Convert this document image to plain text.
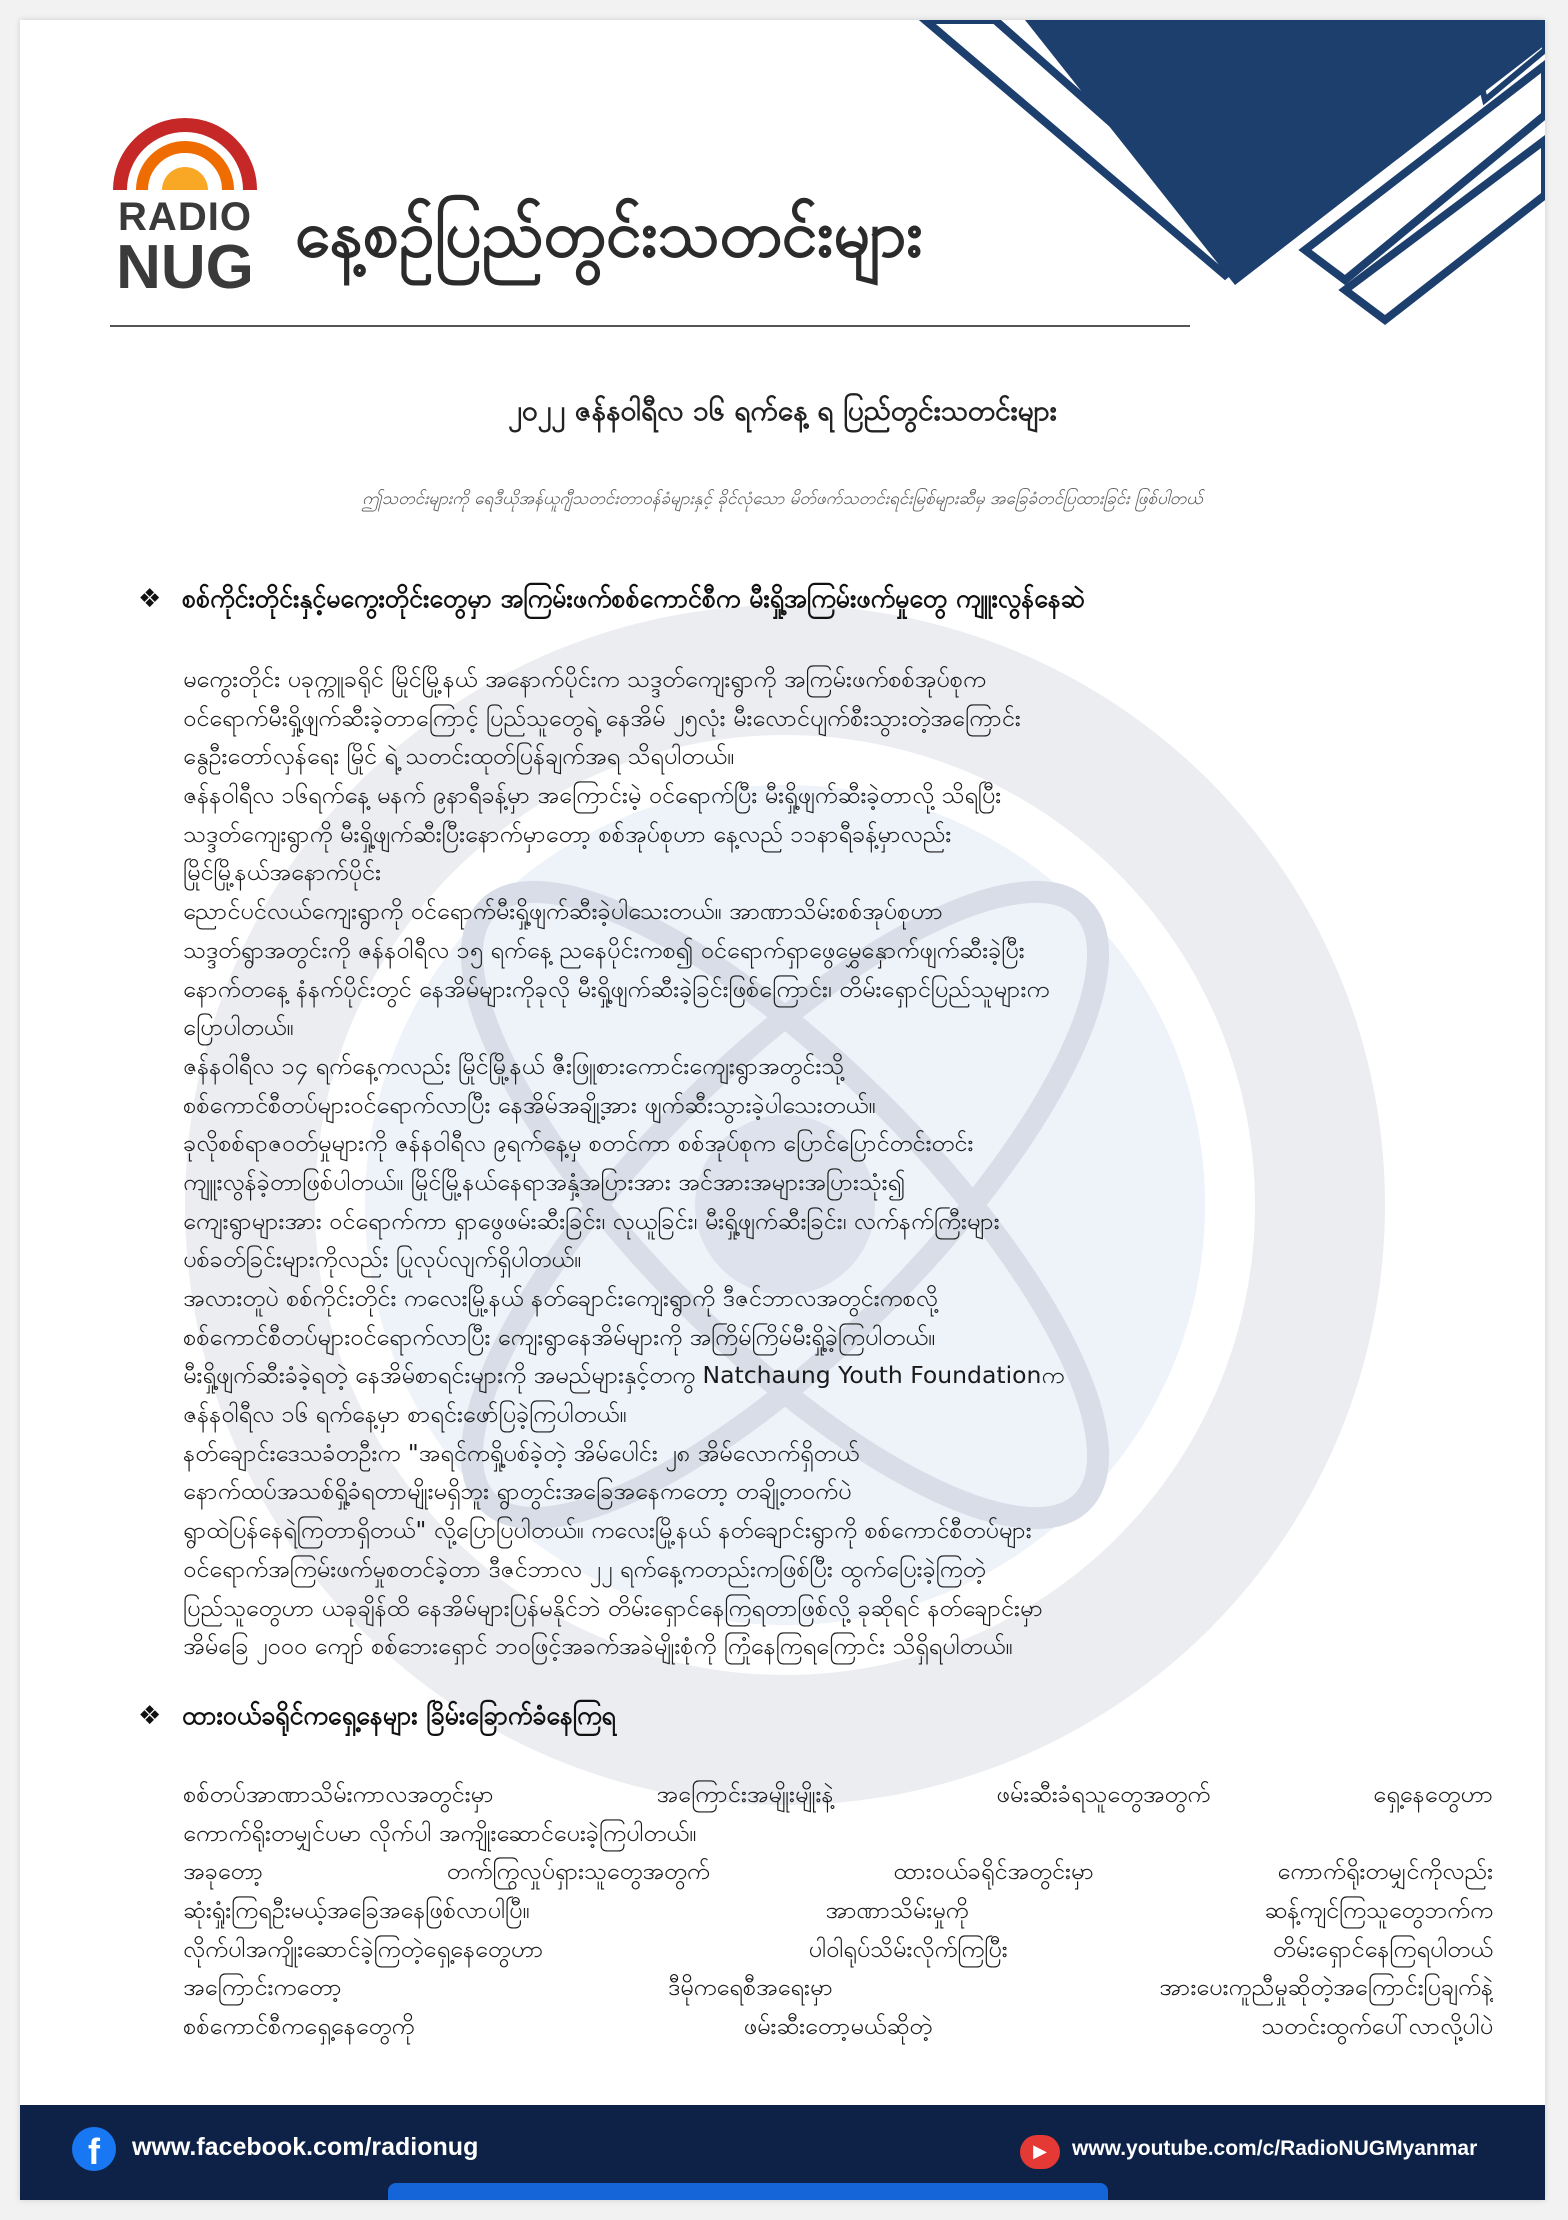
RADIO
NUG နေ့စဉ်ပြည်တွင်းသတင်းများ
၂၀၂၂ ဇန်နဝါရီလ ၁၆ ရက်နေ့ ရ ပြည်တွင်းသတင်းများ
ဤသတင်းများကို ရေဒီယိုအန်ယူဂျီသတင်းတာဝန်ခံများနှင့် ခိုင်လုံသော မိတ်ဖက်သတင်းရင်းမြစ်များဆီမှ အခြေခံတင်ပြထားခြင်း ဖြစ်ပါတယ်
❖ စစ်ကိုင်းတိုင်းနှင့်မကွေးတိုင်းတွေမှာ အကြမ်းဖက်စစ်ကောင်စီက မီးရှို့အကြမ်းဖက်မှုတွေ ကျူးလွန်နေဆဲ
မကွေးတိုင်း ပခုက္ကူခရိုင် မြိုင်မြို့နယ် အနောက်ပိုင်းက သဒ္ဒတ်ကျေးရွာကို အကြမ်းဖက်စစ်အုပ်စုက
ဝင်ရောက်မီးရှို့ဖျက်ဆီးခဲ့တာကြောင့် ပြည်သူတွေရဲ့ နေအိမ် ၂၅လုံး မီးလောင်ပျက်စီးသွားတဲ့အကြောင်း
နွေဦးတော်လှန်ရေး မြိုင် ရဲ့ သတင်းထုတ်ပြန်ချက်အရ သိရပါတယ်။
ဇန်နဝါရီလ ၁၆ရက်နေ့ မနက် ၉နာရီခန့်မှာ အကြောင်းမဲ့ ဝင်ရောက်ပြီး မီးရှို့ဖျက်ဆီးခဲ့တာလို့ သိရပြီး
သဒ္ဒတ်ကျေးရွာကို မီးရှို့ဖျက်ဆီးပြီးနောက်မှာတော့ စစ်အုပ်စုဟာ နေ့လည် ၁၁နာရီခန့်မှာလည်း
မြိုင်မြို့နယ်အနောက်ပိုင်း
ညောင်ပင်လယ်ကျေးရွာကို ဝင်ရောက်မီးရှို့ဖျက်ဆီးခဲ့ပါသေးတယ်။ အာဏာသိမ်းစစ်အုပ်စုဟာ
သဒ္ဒတ်ရွာအတွင်းကို ဇန်နဝါရီလ ၁၅ ရက်နေ့ ညနေပိုင်းကစ၍ ဝင်ရောက်ရှာဖွေမွှေနှောက်ဖျက်ဆီးခဲ့ပြီး
နောက်တနေ့ နံနက်ပိုင်းတွင် နေအိမ်များကိုခုလို မီးရှို့ဖျက်ဆီးခဲ့ခြင်းဖြစ်ကြောင်း၊ တိမ်းရှောင်ပြည်သူများက
ပြောပါတယ်။
ဇန်နဝါရီလ ၁၄ ရက်နေ့ကလည်း မြိုင်မြို့နယ် ဇီးဖြူစားကောင်းကျေးရွာအတွင်းသို့
စစ်ကောင်စီတပ်များဝင်ရောက်လာပြီး နေအိမ်အချို့အား ဖျက်ဆီးသွားခဲ့ပါသေးတယ်။
ခုလိုစစ်ရာဇဝတ်မှုများကို ဇန်နဝါရီလ ၉ရက်နေ့မှ စတင်ကာ စစ်အုပ်စုက ပြောင်ပြောင်တင်းတင်း
ကျူးလွန်ခဲ့တာဖြစ်ပါတယ်။ မြိုင်မြို့နယ်နေရာအနှံ့အပြားအား အင်အားအများအပြားသုံး၍
ကျေးရွာများအား ဝင်ရောက်ကာ ရှာဖွေဖမ်းဆီးခြင်း၊ လုယူခြင်း၊ မီးရှို့ဖျက်ဆီးခြင်း၊ လက်နက်ကြီးများ
ပစ်ခတ်ခြင်းများကိုလည်း ပြုလုပ်လျက်ရှိပါတယ်။
အလားတူပဲ စစ်ကိုင်းတိုင်း ကလေးမြို့နယ် နတ်ချောင်းကျေးရွာကို ဒီဇင်ဘာလအတွင်းကစလို့
စစ်ကောင်စီတပ်များဝင်ရောက်လာပြီး ကျေးရွာနေအိမ်များကို အကြိမ်ကြိမ်မီးရှို့ခဲ့ကြပါတယ်။
မီးရှို့ဖျက်ဆီးခံခဲ့ရတဲ့ နေအိမ်စာရင်းများကို အမည်များနှင့်တကွ Natchaung Youth Foundationက
ဇန်နဝါရီလ ၁၆ ရက်နေ့မှာ စာရင်းဖော်ပြခဲ့ကြပါတယ်။
နတ်ချောင်းဒေသခံတဦးက "အရင်ကရှို့ပစ်ခဲ့တဲ့ အိမ်ပေါင်း ၂၈ အိမ်လောက်ရှိတယ်
နောက်ထပ်အသစ်ရှို့ခံရတာမျိုးမရှိဘူး ရွာတွင်းအခြေအနေကတော့ တချို့တဝက်ပဲ
ရွာထဲပြန်နေရဲကြတာရှိတယ်" လို့ပြောပြပါတယ်။ ကလေးမြို့နယ် နတ်ချောင်းရွာကို စစ်ကောင်စီတပ်များ
ဝင်ရောက်အကြမ်းဖက်မှုစတင်ခဲ့တာ ဒီဇင်ဘာလ ၂၂ ရက်နေ့ကတည်းကဖြစ်ပြီး ထွက်ပြေးခဲ့ကြတဲ့
ပြည်သူတွေဟာ ယခုချိန်ထိ နေအိမ်များပြန်မနိုင်ဘဲ တိမ်းရှောင်နေကြရတာဖြစ်လို့ ခုဆိုရင် နတ်ချောင်းမှာ
အိမ်ခြေ ၂၀၀၀ ကျော် စစ်ဘေးရှောင် ဘဝဖြင့်အခက်အခဲမျိုးစုံကို ကြုံနေကြရကြောင်း သိရှိရပါတယ်။
❖ ထားဝယ်ခရိုင်ကရှေ့နေများ ခြိမ်းခြောက်ခံနေကြရ
စစ်တပ်အာဏာသိမ်းကာလအတွင်းမှာ အကြောင်းအမျိုးမျိုးနဲ့ ဖမ်းဆီးခံရသူတွေအတွက် ရှေ့နေတွေဟာ
ကောက်ရိုးတမျှင်ပမာ လိုက်ပါ အကျိုးဆောင်ပေးခဲ့ကြပါတယ်။
အခုတော့ တက်ကြွလှုပ်ရှားသူတွေအတွက် ထားဝယ်ခရိုင်အတွင်းမှာ ကောက်ရိုးတမျှင်ကိုလည်း
ဆုံးရှုံးကြရဦးမယ့်အခြေအနေဖြစ်လာပါပြီ။ အာဏာသိမ်းမှုကို ဆန့်ကျင်ကြသူတွေဘက်က
လိုက်ပါအကျိုးဆောင်ခဲ့ကြတဲ့ရှေ့နေတွေဟာ ပါဝါရုပ်သိမ်းလိုက်ကြပြီး တိမ်းရှောင်နေကြရပါတယ်
အကြောင်းကတော့ ဒီမိုကရေစီအရေးမှာ အားပေးကူညီမှုဆိုတဲ့အကြောင်းပြချက်နဲ့
စစ်ကောင်စီကရှေ့နေတွေကို ဖမ်းဆီးတော့မယ်ဆိုတဲ့ သတင်းထွက်ပေါ်လာလို့ပါပဲ
f	www.facebook.com/radionug	▶	www.youtube.com/c/RadioNUGMyanmar
